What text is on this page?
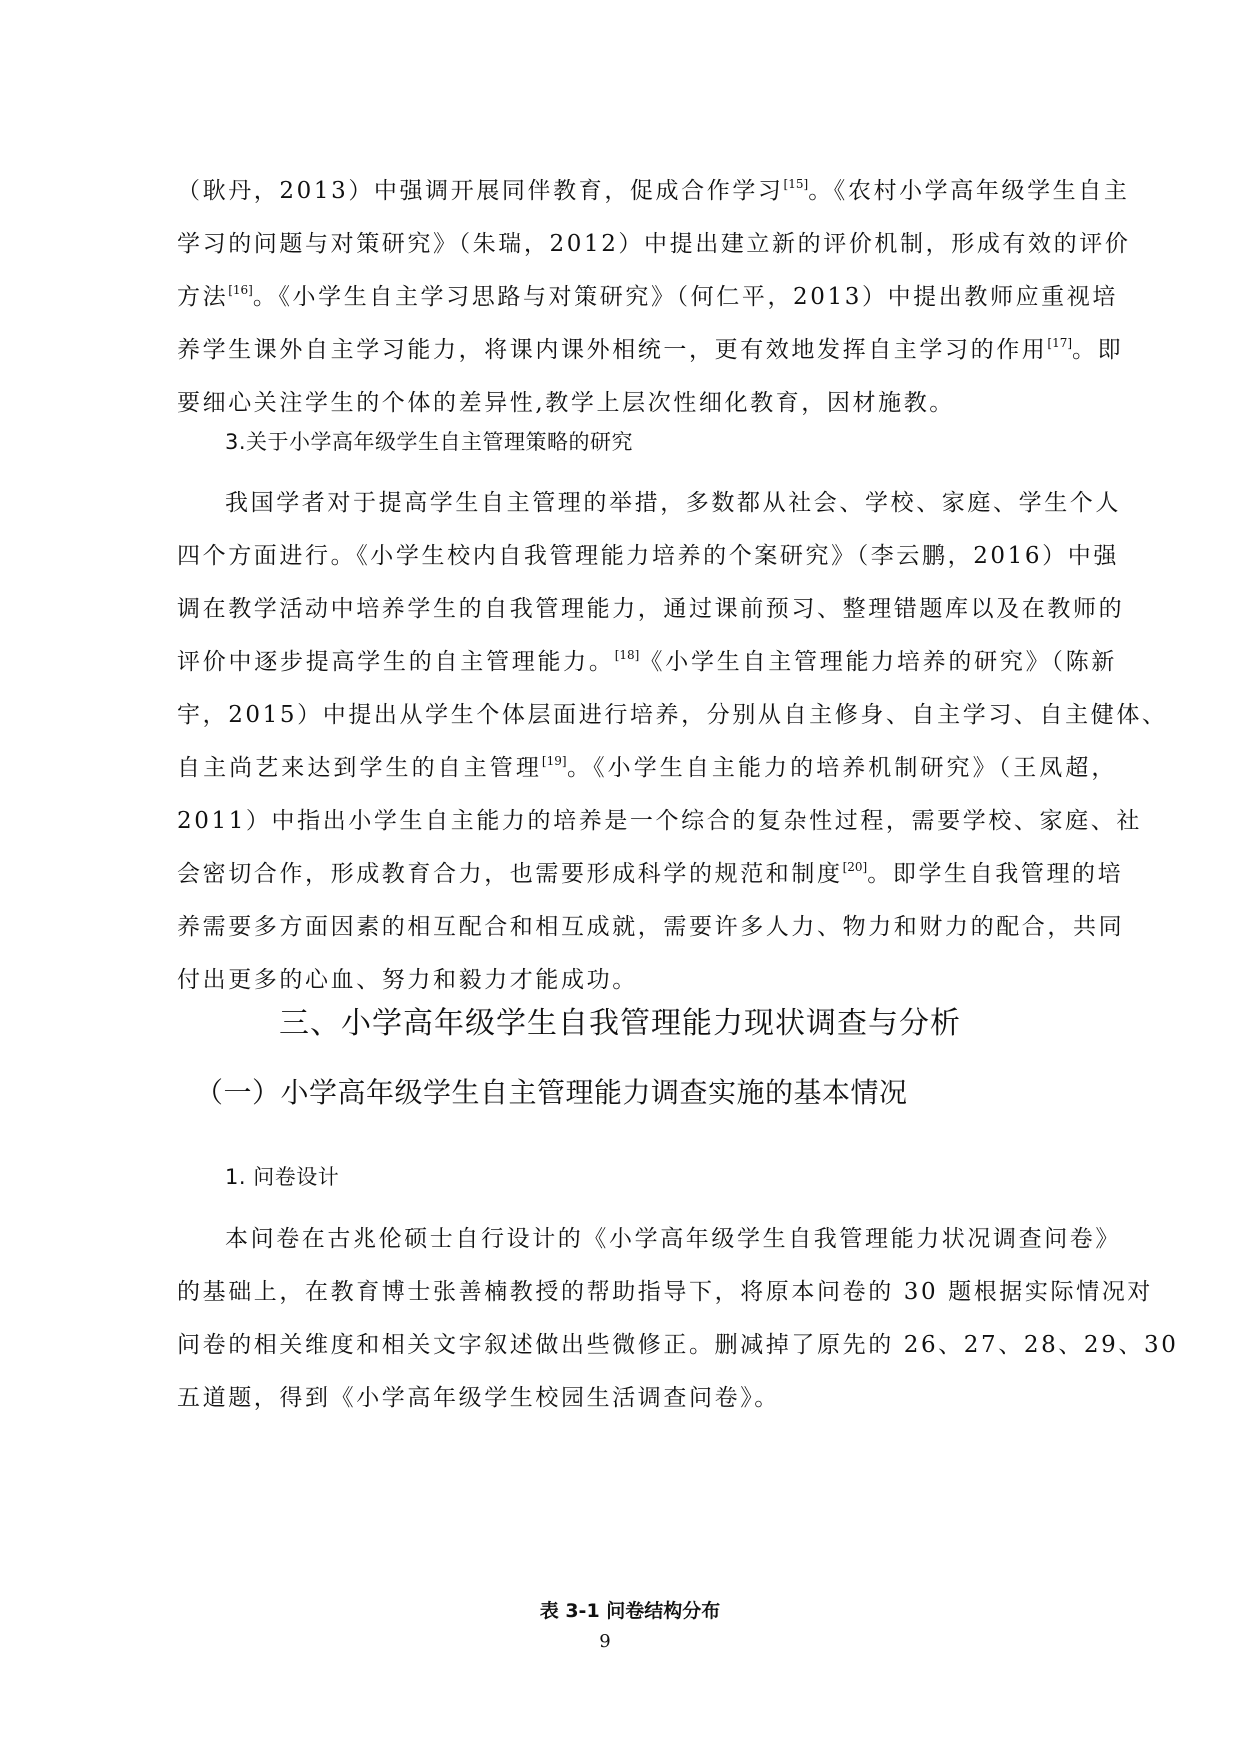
（耿丹，2013）中强调开展同伴教育，促成合作学习[15]。《农村小学高年级学生自主
学习的问题与对策研究》（朱瑞，2012）中提出建立新的评价机制，形成有效的评价
方法[16]。《小学生自主学习思路与对策研究》（何仁平，2013）中提出教师应重视培
养学生课外自主学习能力，将课内课外相统一，更有效地发挥自主学习的作用[17]。即
要细心关注学生的个体的差异性,教学上层次性细化教育，因材施教。
3.关于小学高年级学生自主管理策略的研究
我国学者对于提高学生自主管理的举措，多数都从社会、学校、家庭、学生个人
四个方面进行。《小学生校内自我管理能力培养的个案研究》（李云鹏，2016）中强
调在教学活动中培养学生的自我管理能力，通过课前预习、整理错题库以及在教师的
评价中逐步提高学生的自主管理能力。[18]《小学生自主管理能力培养的研究》（陈新
宇，2015）中提出从学生个体层面进行培养，分别从自主修身、自主学习、自主健体、
自主尚艺来达到学生的自主管理[19]。《小学生自主能力的培养机制研究》（王凤超，
2011）中指出小学生自主能力的培养是一个综合的复杂性过程，需要学校、家庭、社
会密切合作，形成教育合力，也需要形成科学的规范和制度[20]。即学生自我管理的培
养需要多方面因素的相互配合和相互成就，需要许多人力、物力和财力的配合，共同
付出更多的心血、努力和毅力才能成功。
三、小学高年级学生自我管理能力现状调查与分析
（一）小学高年级学生自主管理能力调查实施的基本情况
1. 问卷设计
本问卷在古兆伦硕士自行设计的《小学高年级学生自我管理能力状况调查问卷》
的基础上，在教育博士张善楠教授的帮助指导下，将原本问卷的 30 题根据实际情况对
问卷的相关维度和相关文字叙述做出些微修正。删减掉了原先的 26、27、28、29、30
五道题，得到《小学高年级学生校园生活调查问卷》。
表 3-1 问卷结构分布
9
